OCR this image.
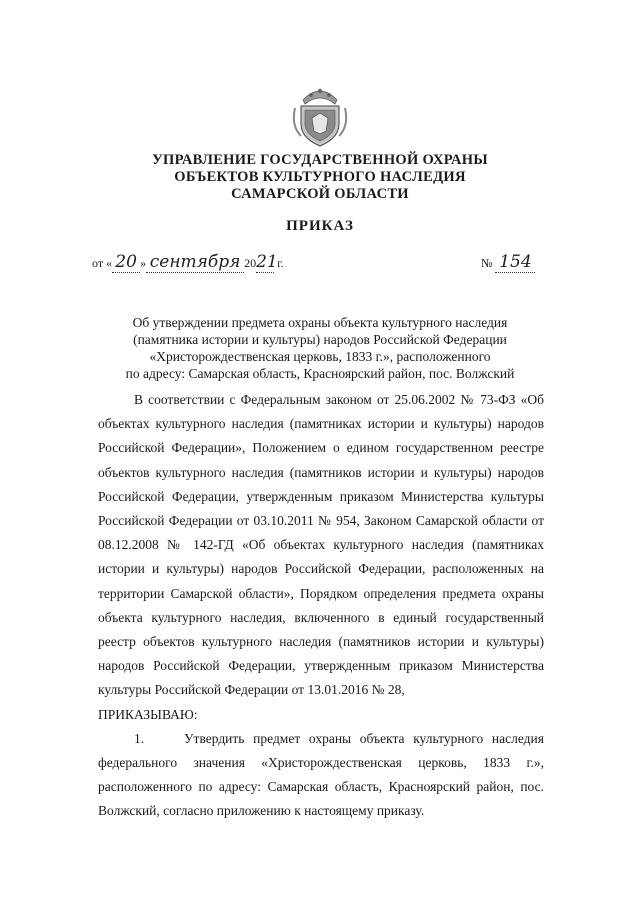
УПРАВЛЕНИЕ ГОСУДАРСТВЕННОЙ ОХРАНЫ
ОБЪЕКТОВ КУЛЬТУРНОГО НАСЛЕДИЯ
САМАРСКОЙ ОБЛАСТИ
ПРИКАЗ
от « 20 » сентября 2021 г.	№ 154
Об утверждении предмета охраны объекта культурного наследия
(памятника истории и культуры) народов Российской Федерации
«Христорождественская церковь, 1833 г.», расположенного
по адресу: Самарская область, Красноярский район, пос. Волжский

В соответствии с Федеральным законом от 25.06.2002 № 73-ФЗ «Об объектах культурного наследия (памятниках истории и культуры) народов Российской Федерации», Положением о едином государственном реестре объектов культурного наследия (памятников истории и культуры) народов Российской Федерации, утвержденным приказом Министерства культуры Российской Федерации от 03.10.2011 № 954, Законом Самарской области от 08.12.2008 № 142-ГД «Об объектах культурного наследия (памятниках истории и культуры) народов Российской Федерации, расположенных на территории Самарской области», Порядком определения предмета охраны объекта культурного наследия, включенного в единый государственный реестр объектов культурного наследия (памятников истории и культуры) народов Российской Федерации, утвержденным приказом Министерства культуры Российской Федерации от 13.01.2016 № 28,

ПРИКАЗЫВАЮ:

1.	Утвердить предмет охраны объекта культурного наследия федерального значения «Христорождественская церковь, 1833 г.», расположенного по адресу: Самарская область, Красноярский район, пос. Волжский, согласно приложению к настоящему приказу.
